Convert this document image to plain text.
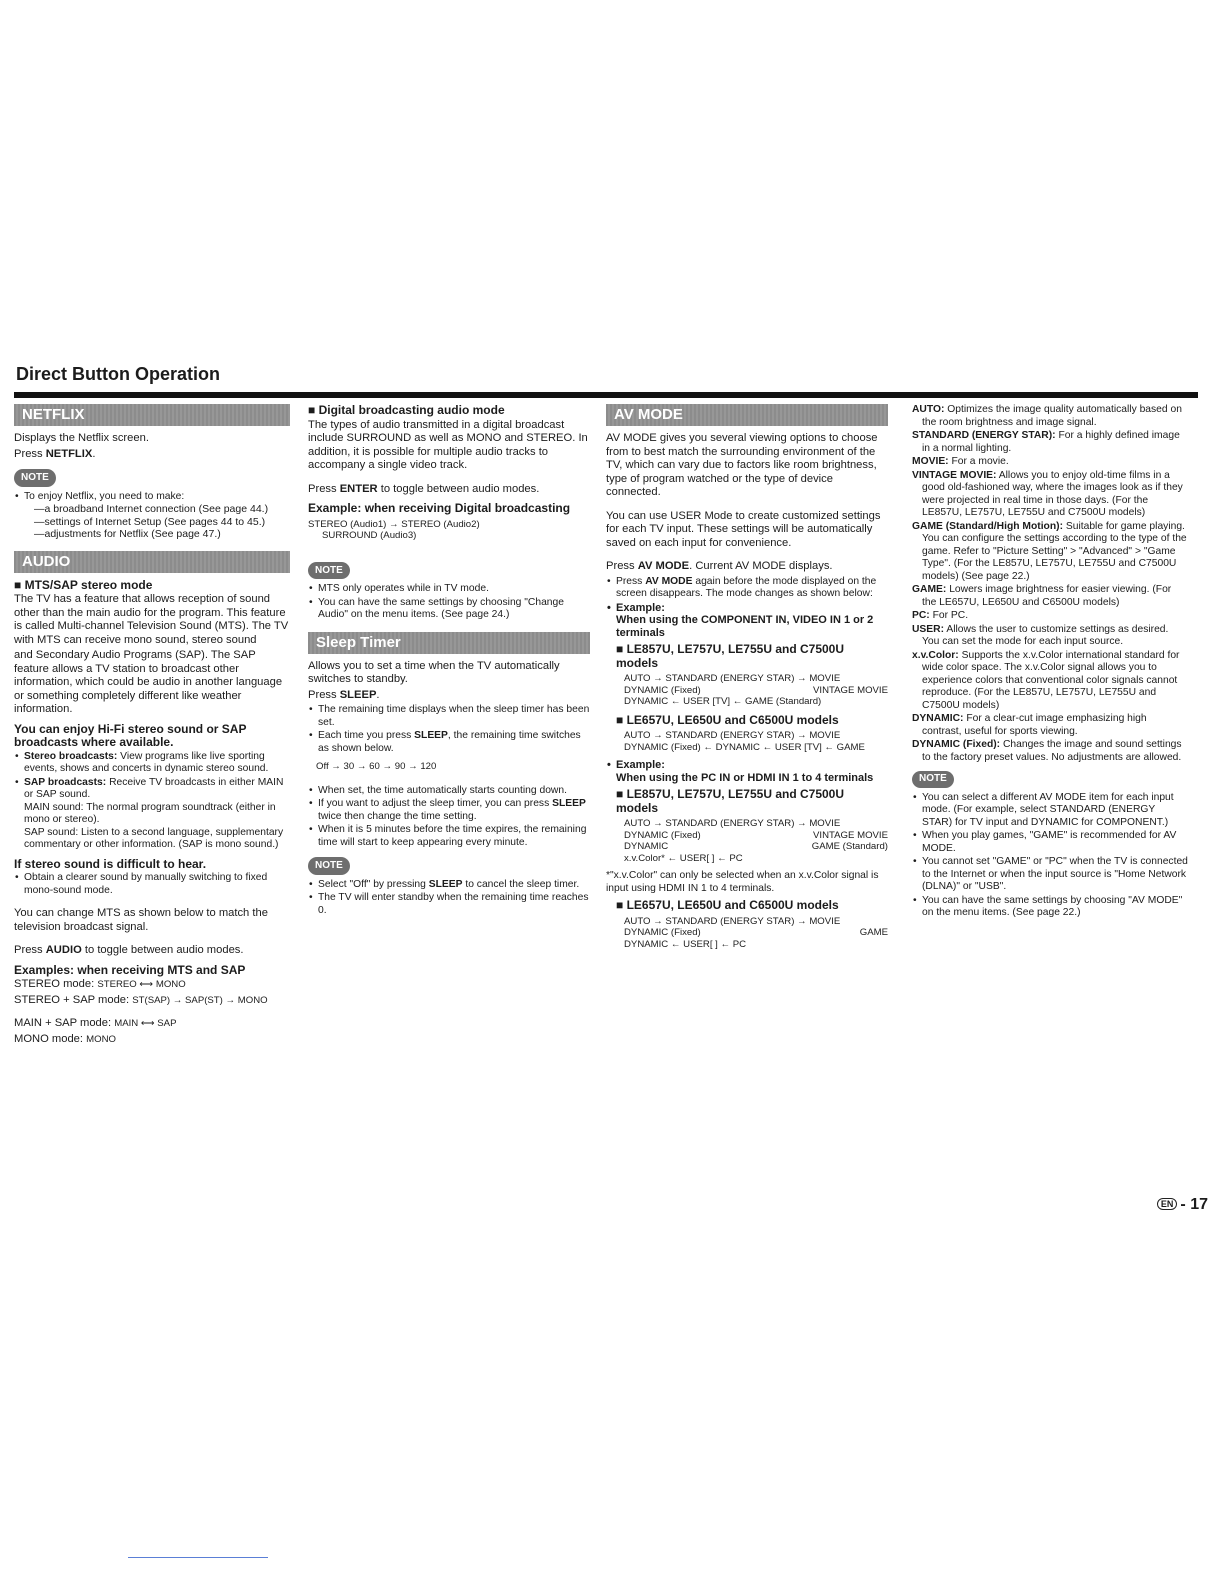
Direct Button Operation
NETFLIX

Displays the Netflix screen.

Press NETFLIX.

NOTE
• To enjoy Netflix, you need to make:
—a broadband Internet connection (See page 44.)
—settings of Internet Setup (See pages 44 to 45.)
—adjustments for Netflix (See page 47.)
AUDIO
■ MTS/SAP stereo mode

The TV has a feature that allows reception of sound other than the main audio for the program. This feature is called Multi-channel Television Sound (MTS). The TV with MTS can receive mono sound, stereo sound

and Secondary Audio Programs (SAP). The SAP feature allows a TV station to broadcast other information, which could be audio in another language or something completely different like weather information.

You can enjoy Hi-Fi stereo sound or SAP broadcasts where available.
• Stereo broadcasts: View programs like live sporting events, shows and concerts in dynamic stereo sound.
• SAP broadcasts: Receive TV broadcasts in either MAIN or SAP sound.
MAIN sound: The normal program soundtrack (either in mono or stereo).
SAP sound: Listen to a second language, supplementary commentary or other information. (SAP is mono sound.)
If stereo sound is difficult to hear.
• Obtain a clearer sound by manually switching to fixed mono-sound mode.

You can change MTS as shown below to match the television broadcast signal.

Press AUDIO to toggle between audio modes.

Examples: when receiving MTS and SAP

STEREO mode: STEREO ⟷ MONO

STEREO + SAP mode: ST(SAP) → SAP(ST) → MONO

MAIN + SAP mode: MAIN ⟷ SAP

MONO mode: MONO

■ Digital broadcasting audio mode

The types of audio transmitted in a digital broadcast include SURROUND as well as MONO and STEREO. In addition, it is possible for multiple audio tracks to accompany a single video track.

Press ENTER to toggle between audio modes.

Example: when receiving Digital broadcasting
STEREO (Audio1) → STEREO (Audio2)
SURROUND (Audio3)
NOTE
• MTS only operates while in TV mode.
• You can have the same settings by choosing "Change Audio" on the menu items. (See page 24.)
Sleep Timer

Allows you to set a time when the TV automatically switches to standby.

Press SLEEP.

• The remaining time displays when the sleep timer has been set.
• Each time you press SLEEP, the remaining time switches as shown below.
Off → 30 → 60 → 90 → 120
• When set, the time automatically starts counting down.
• If you want to adjust the sleep timer, you can press SLEEP twice then change the time setting.
• When it is 5 minutes before the time expires, the remaining time will start to keep appearing every minute.
NOTE
• Select "Off" by pressing SLEEP to cancel the sleep timer.
• The TV will enter standby when the remaining time reaches 0.
AV MODE

AV MODE gives you several viewing options to choose from to best match the surrounding environment of the TV, which can vary due to factors like room brightness, type of program watched or the type of device connected.

You can use USER Mode to create customized settings for each TV input. These settings will be automatically saved on each input for convenience.

Press AV MODE. Current AV MODE displays.

• Press AV MODE again before the mode displayed on the screen disappears. The mode changes as shown below:
• Example:
When using the COMPONENT IN, VIDEO IN 1 or 2 terminals
■ LE857U, LE757U, LE755U and C7500U models
AUTO → STANDARD (ENERGY STAR) → MOVIE
DYNAMIC (Fixed)	VINTAGE MOVIE
DYNAMIC ← USER [TV] ← GAME (Standard)
■ LE657U, LE650U and C6500U models
AUTO → STANDARD (ENERGY STAR) → MOVIE
DYNAMIC (Fixed) ← DYNAMIC ← USER [TV] ← GAME
• Example:
When using the PC IN or HDMI IN 1 to 4 terminals
■ LE857U, LE757U, LE755U and C7500U models
AUTO → STANDARD (ENERGY STAR) → MOVIE
DYNAMIC (Fixed)	VINTAGE MOVIE
DYNAMIC	GAME (Standard)
x.v.Color* ← USER[ ] ← PC

*"x.v.Color" can only be selected when an x.v.Color signal is input using HDMI IN 1 to 4 terminals.

■ LE657U, LE650U and C6500U models
AUTO → STANDARD (ENERGY STAR) → MOVIE
DYNAMIC (Fixed)	GAME
DYNAMIC ← USER[ ] ← PC
AUTO: Optimizes the image quality automatically based on the room brightness and image signal.
STANDARD (ENERGY STAR): For a highly defined image in a normal lighting.
MOVIE: For a movie.
VINTAGE MOVIE: Allows you to enjoy old-time films in a good old-fashioned way, where the images look as if they were projected in real time in those days. (For the LE857U, LE757U, LE755U and C7500U models)
GAME (Standard/High Motion): Suitable for game playing. You can configure the settings according to the type of the game. Refer to "Picture Setting" > "Advanced" > "Game Type". (For the LE857U, LE757U, LE755U and C7500U models) (See page 22.)
GAME: Lowers image brightness for easier viewing. (For the LE657U, LE650U and C6500U models)
PC: For PC.
USER: Allows the user to customize settings as desired. You can set the mode for each input source.
x.v.Color: Supports the x.v.Color international standard for wide color space. The x.v.Color signal allows you to experience colors that conventional color signals cannot reproduce. (For the LE857U, LE757U, LE755U and C7500U models)
DYNAMIC: For a clear-cut image emphasizing high contrast, useful for sports viewing.
DYNAMIC (Fixed): Changes the image and sound settings to the factory preset values. No adjustments are allowed.
NOTE
• You can select a different AV MODE item for each input mode. (For example, select STANDARD (ENERGY STAR) for TV input and DYNAMIC for COMPONENT.)
• When you play games, "GAME" is recommended for AV MODE.
• You cannot set "GAME" or "PC" when the TV is connected to the Internet or when the input source is "Home Network (DLNA)" or "USB".
• You can have the same settings by choosing "AV MODE" on the menu items. (See page 22.)
EN - 17
